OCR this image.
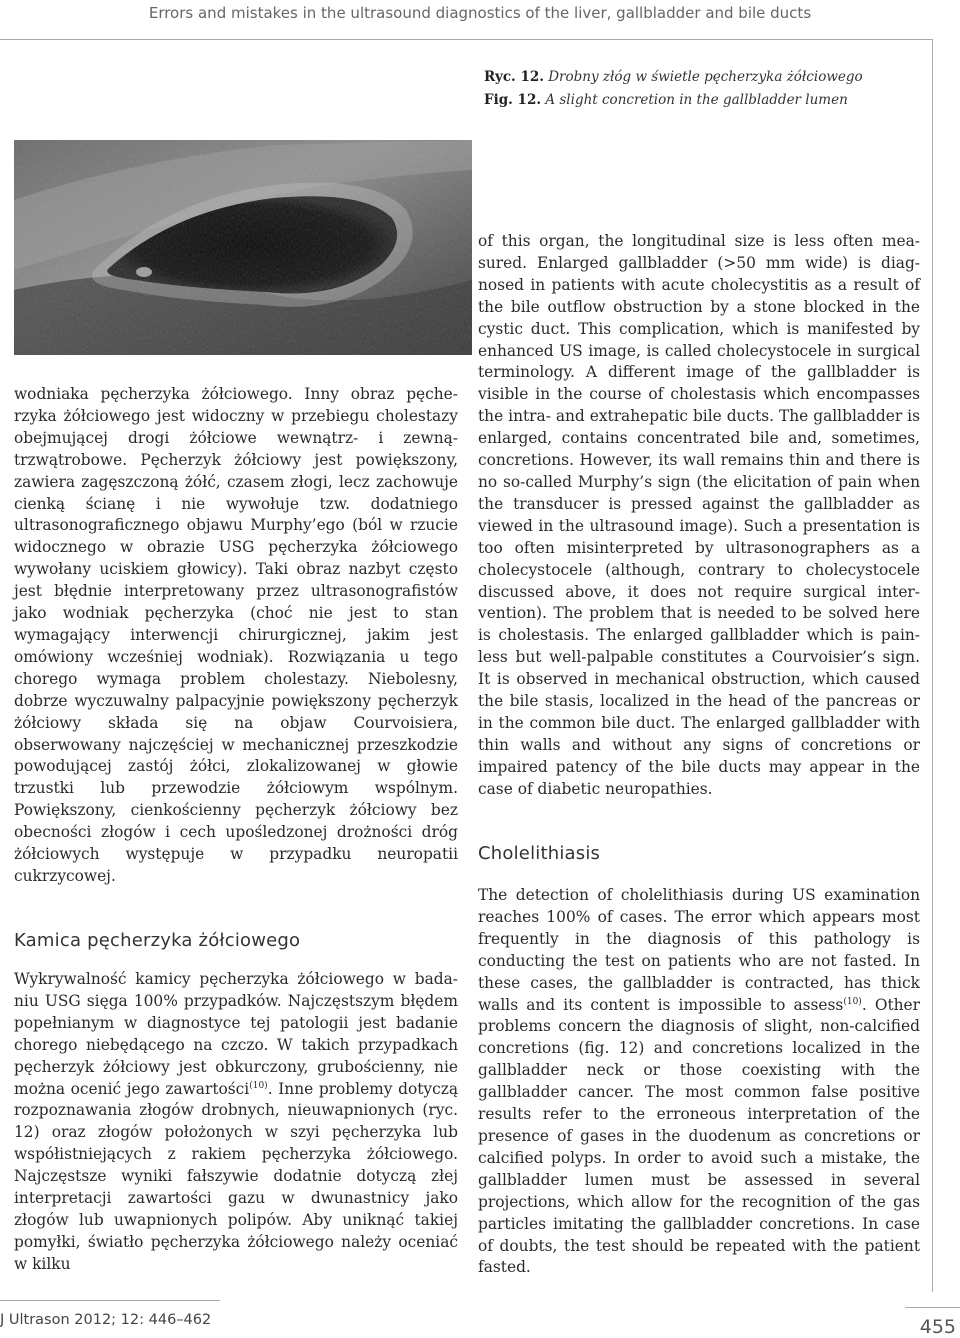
Errors and mistakes in the ultrasound diagnostics of the liver, gallbladder and bile ducts
Ryc. 12. Drobny złóg w świetle pęcherzyka żółciowego
Fig. 12. A slight concretion in the gallbladder lumen

wodniaka pęcherzyka żółciowego. Inny obraz pęcherzyka żółciowego jest widoczny w przebiegu cholestazy obejmującej drogi żółciowe wewnątrz- i zewnątrzwątrobowe. Pęcherzyk żółciowy jest powiększony, zawiera zagęszczoną żółć, czasem złogi, lecz zachowuje cienką ścianę i nie wywołuje tzw. dodatniego ultrasonograficznego objawu Murphy’ego (ból w rzucie widocznego w obrazie USG pęcherzyka żółciowego wywołany uciskiem głowicy). Taki obraz nazbyt często jest błędnie interpretowany przez ultrasonografistów jako wodniak pęcherzyka (choć nie jest to stan wymagający interwencji chirurgicznej, jakim jest omówiony wcześniej wodniak). Rozwiązania u tego chorego wymaga problem cholestazy. Niebolesny, dobrze wyczuwalny palpacyjnie powiększony pęcherzyk żółciowy składa się na objaw Courvoisiera, obserwowany najczęściej w mechanicznej przeszkodzie powodującej zastój żółci, zlokalizowanej w głowie trzustki lub przewodzie żółciowym wspólnym. Powiększony, cienkościenny pęcherzyk żółciowy bez obecności złogów i cech upośledzonej drożności dróg żółciowych występuje w przypadku neuropatii cukrzycowej.

Kamica pęcherzyka żółciowego

Wykrywalność kamicy pęcherzyka żółciowego w badaniu USG sięga 100% przypadków. Najczęstszym błędem popełnianym w diagnostyce tej patologii jest badanie chorego niebędącego na czczo. W takich przypadkach pęcherzyk żółciowy jest obkurczony, grubościenny, nie można ocenić jego zawartości$^{(10)}$. Inne problemy dotyczą rozpoznawania złogów drobnych, nieuwapnionych (ryc. 12) oraz złogów położonych w szyi pęcherzyka lub współistniejących z rakiem pęcherzyka żółciowego. Najczęstsze wyniki fałszywie dodatnie dotyczą złej interpretacji zawartości gazu w dwunastnicy jako złogów lub uwapnionych polipów. Aby uniknąć takiej pomyłki, światło pęcherzyka żółciowego należy oceniać w kilku

of this organ, the longitudinal size is less often measured. Enlarged gallbladder (>50 mm wide) is diagnosed in patients with acute cholecystitis as a result of the bile outflow obstruction by a stone blocked in the cystic duct. This complication, which is manifested by enhanced US image, is called cholecystocele in surgical terminology. A different image of the gallbladder is visible in the course of cholestasis which encompasses the intra- and extrahepatic bile ducts. The gallbladder is enlarged, contains concentrated bile and, sometimes, concretions. However, its wall remains thin and there is no so-called Murphy’s sign (the elicitation of pain when the transducer is pressed against the gallbladder as viewed in the ultrasound image). Such a presentation is too often misinterpreted by ultrasonographers as a cholecystocele (although, contrary to cholecystocele discussed above, it does not require surgical intervention). The problem that is needed to be solved here is cholestasis. The enlarged gallbladder which is painless but well-palpable constitutes a Courvoisier’s sign. It is observed in mechanical obstruction, which caused the bile stasis, localized in the head of the pancreas or in the common bile duct. The enlarged gallbladder with thin walls and without any signs of concretions or impaired patency of the bile ducts may appear in the case of diabetic neuropathies.

Cholelithiasis

The detection of cholelithiasis during US examination reaches 100% of cases. The error which appears most frequently in the diagnosis of this pathology is conducting the test on patients who are not fasted. In these cases, the gallbladder is contracted, has thick walls and its content is impossible to assess$^{(10)}$. Other problems concern the diagnosis of slight, non-calcified concretions (fig. 12) and concretions localized in the gallbladder neck or those coexisting with the gallbladder cancer. The most common false positive results refer to the erroneous interpretation of the presence of gases in the duodenum as concretions or calcified polyps. In order to avoid such a mistake, the gallbladder lumen must be assessed in several projections, which allow for the recognition of the gas particles imitating the gallbladder concretions. In case of doubts, the test should be repeated with the patient fasted.

J Ultrason 2012; 12: 446–462	455
